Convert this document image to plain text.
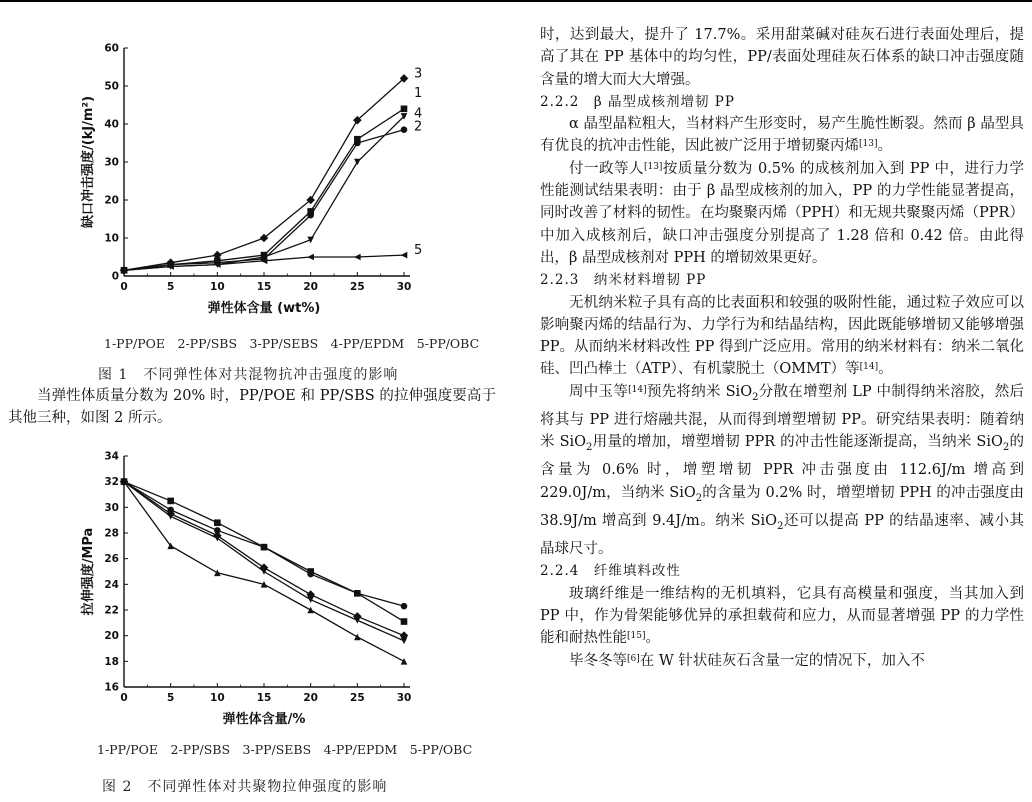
0	5	10	15	20	25	30
0
10
20
30
40
50
60
弹性体含量 (wt%)
缺口冲击强度/(kJ/m²)
1
2
3
4
5
1-PP/POE　2-PP/SBS　3-PP/SEBS　4-PP/EPDM　5-PP/OBC
图 1　不同弹性体对共混物抗冲击强度的影响

当弹性体质量分数为 20% 时，PP/POE 和 PP/SBS 的拉伸强度要高于其他三种，如图 2 所示。

0	5	10	15	20	25	30
16
18
20
22
24
26
28
30
32
34
弹性体含量/%
拉伸强度/MPa
1-PP/POE　2-PP/SBS　3-PP/SEBS　4-PP/EPDM　5-PP/OBC
图 2　不同弹性体对共聚物拉伸强度的影响

时，达到最大，提升了 17.7%。采用甜菜碱对硅灰石进行表面处理后，提高了其在 PP 基体中的均匀性，PP/表面处理硅灰石体系的缺口冲击强度随含量的增大而大大增强。

2.2.2　β 晶型成核剂增韧 PP

α 晶型晶粒粗大，当材料产生形变时，易产生脆性断裂。然而 β 晶型具有优良的抗冲击性能，因此被广泛用于增韧聚丙烯[13]。

付一政等人[13]按质量分数为 0.5% 的成核剂加入到 PP 中，进行力学性能测试结果表明：由于 β 晶型成核剂的加入，PP 的力学性能显著提高，同时改善了材料的韧性。在均聚聚丙烯（PPH）和无规共聚聚丙烯（PPR）中加入成核剂后，缺口冲击强度分别提高了 1.28 倍和 0.42 倍。由此得出，β 晶型成核剂对 PPH 的增韧效果更好。

2.2.3　纳米材料增韧 PP

无机纳米粒子具有高的比表面积和较强的吸附性能，通过粒子效应可以影响聚丙烯的结晶行为、力学行为和结晶结构，因此既能够增韧又能够增强 PP。从而纳米材料改性 PP 得到广泛应用。常用的纳米材料有：纳米二氧化硅、凹凸棒土（ATP）、有机蒙脱土（OMMT）等[14]。

周中玉等[14]预先将纳米 SiO$_2$分散在增塑剂 LP 中制得纳米溶胶，然后将其与 PP 进行熔融共混，从而得到增塑增韧 PP。研究结果表明：随着纳米 SiO$_2$用量的增加，增塑增韧 PPR 的冲击性能逐渐提高，当纳米 SiO$_2$的含量为 0.6% 时，增塑增韧 PPR 冲击强度由 112.6J/m 增高到 229.0J/m，当纳米 SiO$_2$的含量为 0.2% 时，增塑增韧 PPH 的冲击强度由 38.9J/m 增高到 9.4J/m。纳米 SiO$_2$还可以提高 PP 的结晶速率、减小其晶球尺寸。

2.2.4　纤维填料改性

玻璃纤维是一维结构的无机填料，它具有高模量和强度，当其加入到 PP 中，作为骨架能够优异的承担载荷和应力，从而显著增强 PP 的力学性能和耐热性能[15]。

毕冬冬等[6]在 W 针状硅灰石含量一定的情况下，加入不
